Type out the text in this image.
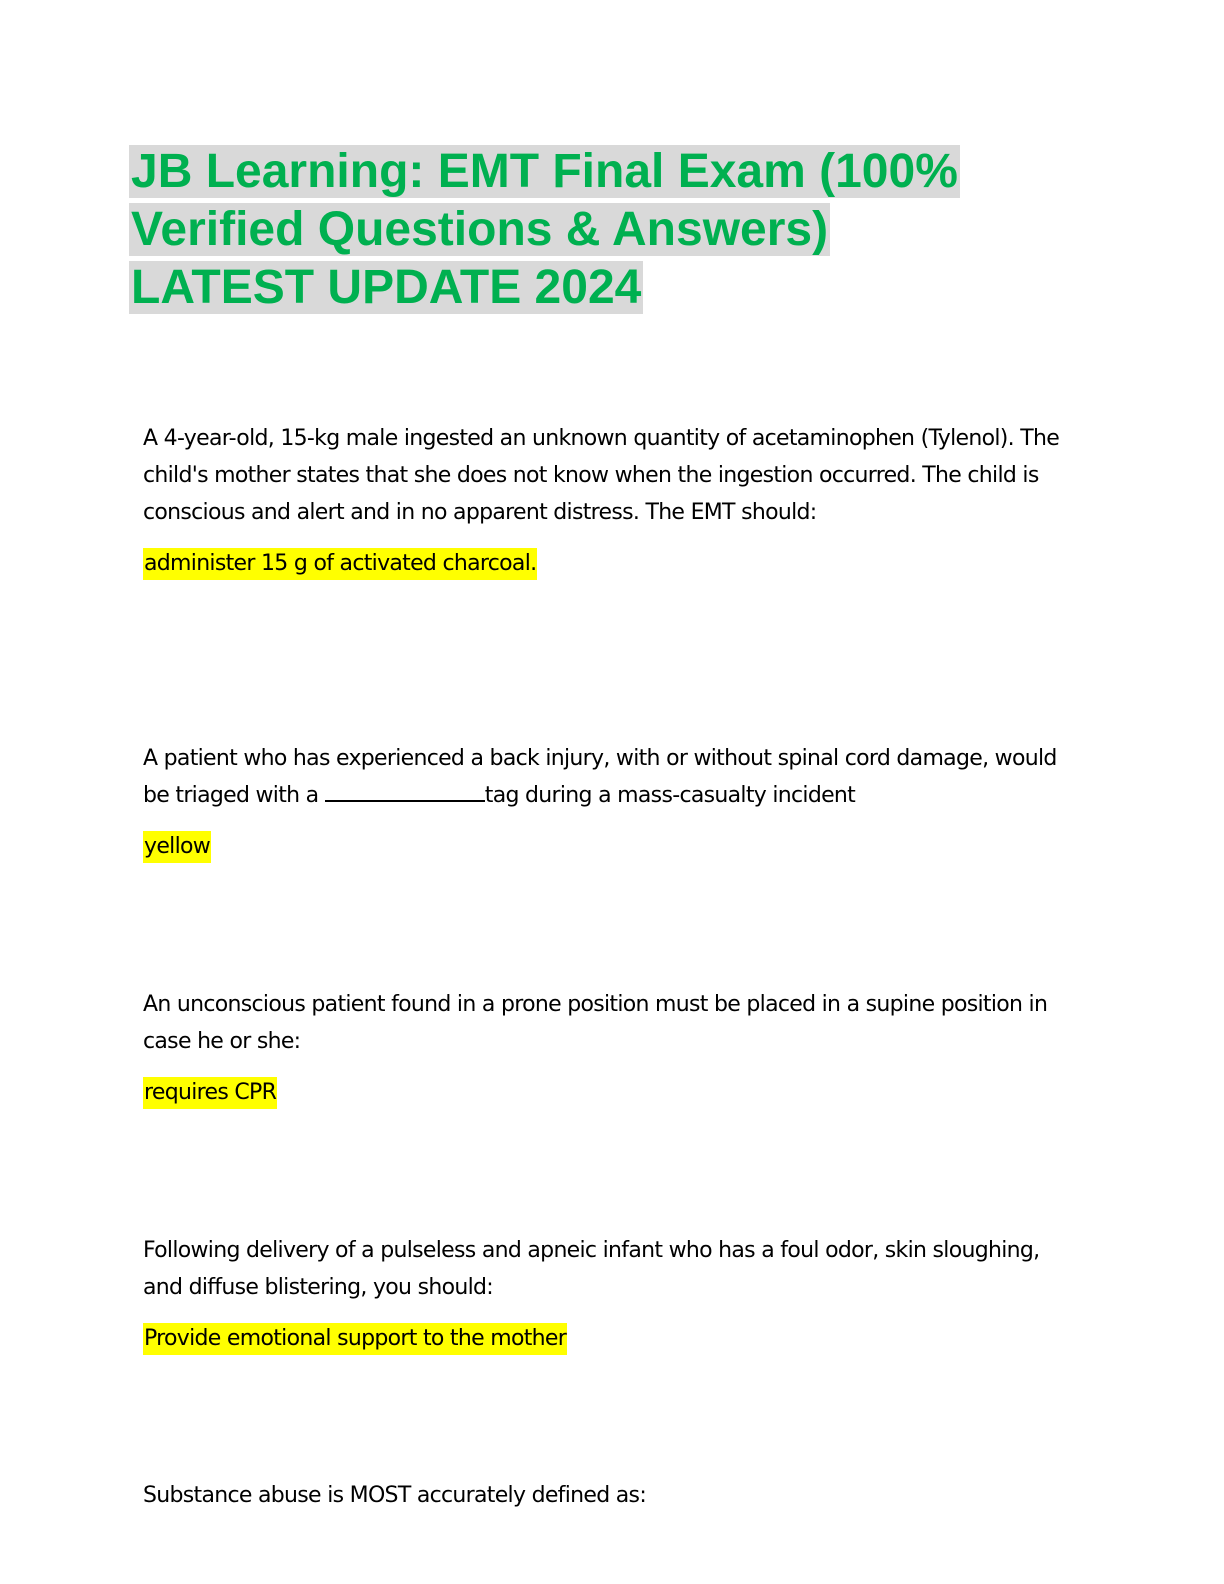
JB Learning: EMT Final Exam (100%
Verified Questions & Answers)
LATEST UPDATE 2024

A 4-year-old, 15-kg male ingested an unknown quantity of acetaminophen (Tylenol). The child's mother states that she does not know when the ingestion occurred. The child is conscious and alert and in no apparent distress. The EMT should:

administer 15 g of activated charcoal.

A patient who has experienced a back injury, with or without spinal cord damage, would be triaged with a	tag during a mass-casualty incident

yellow

An unconscious patient found in a prone position must be placed in a supine position in case he or she:

requires CPR

Following delivery of a pulseless and apneic infant who has a foul odor, skin sloughing, and diffuse blistering, you should:

Provide emotional support to the mother

Substance abuse is MOST accurately defined as:
